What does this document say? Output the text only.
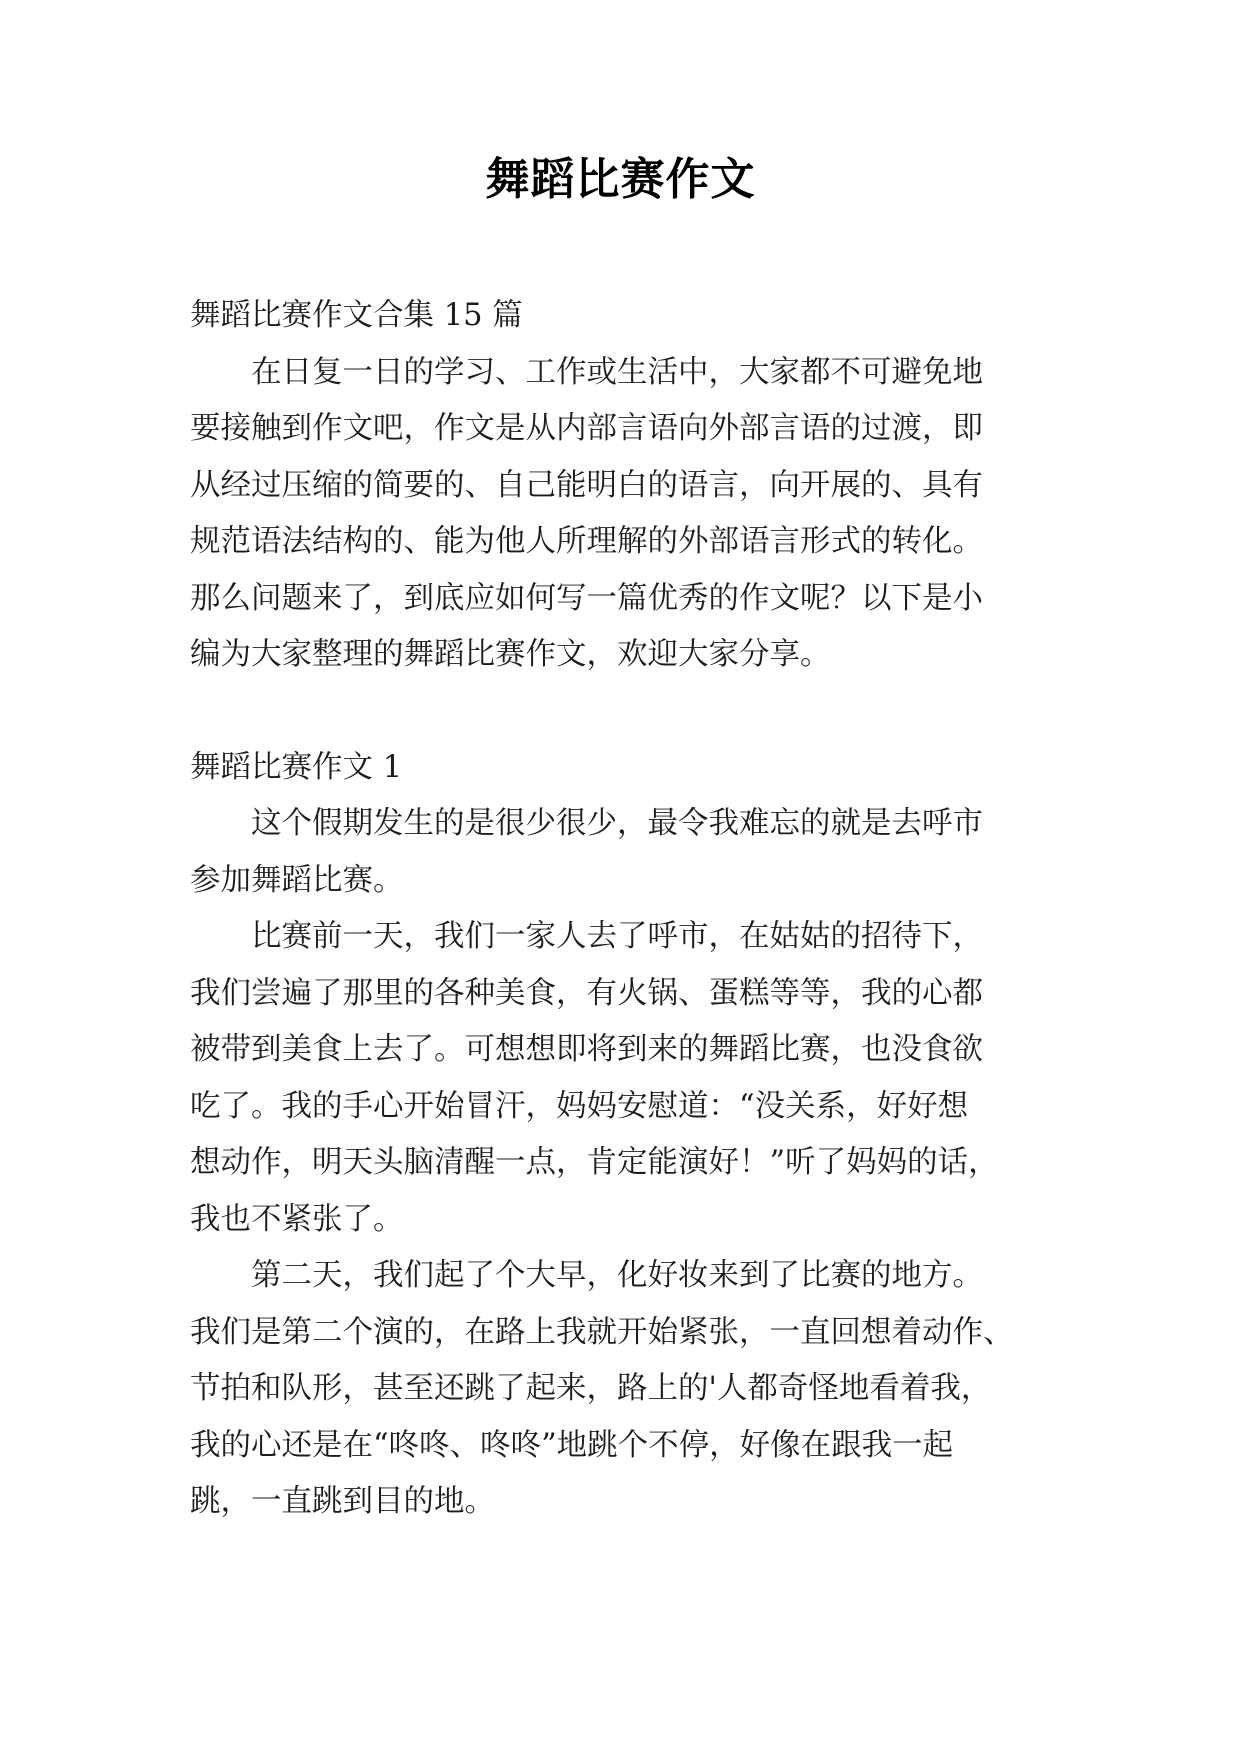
舞蹈比赛作文

舞蹈比赛作文合集 15 篇

在日复一日的学习、工作或生活中，大家都不可避免地

要接触到作文吧，作文是从内部言语向外部言语的过渡，即

从经过压缩的简要的、自己能明白的语言，向开展的、具有

规范语法结构的、能为他人所理解的外部语言形式的转化。

那么问题来了，到底应如何写一篇优秀的作文呢？以下是小

编为大家整理的舞蹈比赛作文，欢迎大家分享。

舞蹈比赛作文 1

这个假期发生的是很少很少，最令我难忘的就是去呼市

参加舞蹈比赛。

比赛前一天，我们一家人去了呼市，在姑姑的招待下，

我们尝遍了那里的各种美食，有火锅、蛋糕等等，我的心都

被带到美食上去了。可想想即将到来的舞蹈比赛，也没食欲

吃了。我的手心开始冒汗，妈妈安慰道：“没关系，好好想

想动作，明天头脑清醒一点，肯定能演好！”听了妈妈的话，

我也不紧张了。

第二天，我们起了个大早，化好妆来到了比赛的地方。

我们是第二个演的，在路上我就开始紧张，一直回想着动作、

节拍和队形，甚至还跳了起来，路上的'人都奇怪地看着我，

我的心还是在“咚咚、咚咚”地跳个不停，好像在跟我一起

跳，一直跳到目的地。
